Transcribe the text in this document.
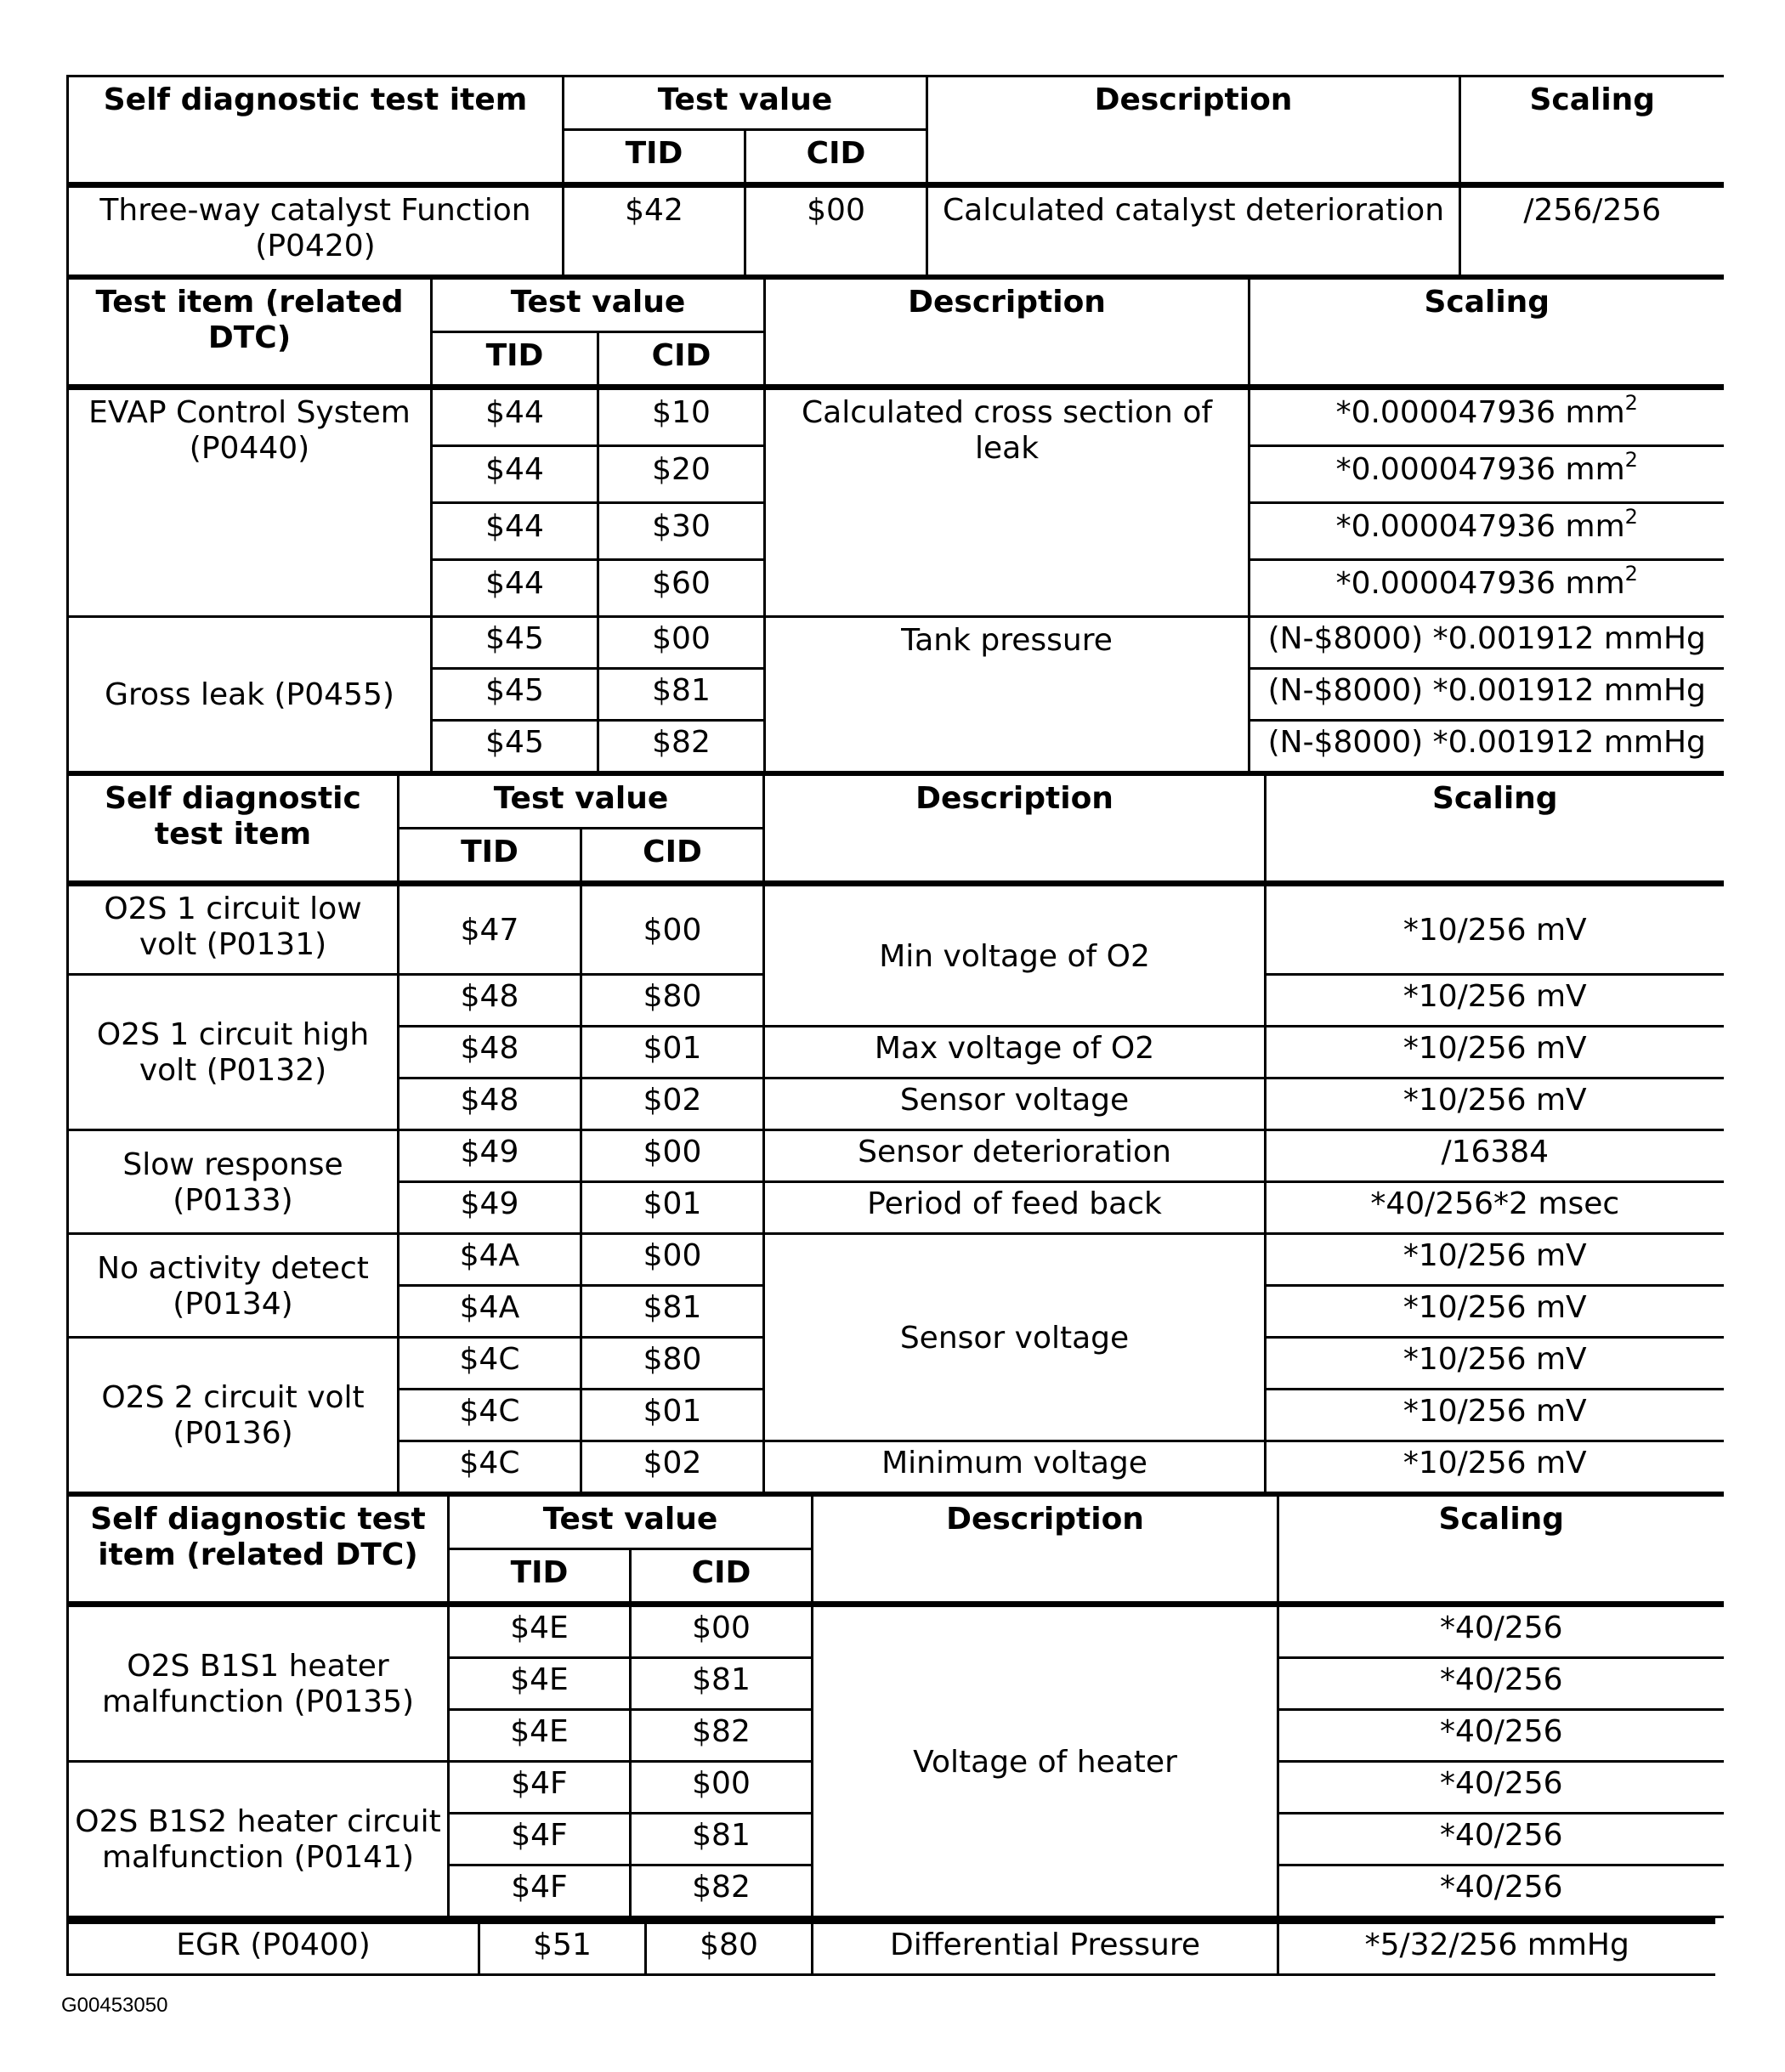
Self diagnostic test item	Test value		Description	Scaling
	TID	CID		
Three-way catalyst Function (P0420)	$42	$00	Calculated catalyst deterioration	/256/256
Test item (related DTC)	Test value		Description	Scaling
	TID	CID		
EVAP Control System (P0440)	$44	$10	Calculated cross section of leak	*0.000047936 $mm^2$
	$44	$20		*0.000047936 $mm^2$
	$44	$30		*0.000047936 $mm^2$
	$44	$60		*0.000047936 $mm^2$
Gross leak (P0455)	$45	$00	Tank pressure	(N-$8000) *0.001912 mmHg
	$45	$81		(N-$8000) *0.001912 mmHg
	$45	$82		(N-$8000) *0.001912 mmHg
Self diagnostic test item	Test value		Description	Scaling
	TID	CID		
O2S 1 circuit low volt (P0131)	$47	$00	Min voltage of O2	*10/256 mV
O2S 1 circuit high volt (P0132)	$48	$80		*10/256 mV
	$48	$01	Max voltage of O2	*10/256 mV
	$48	$02	Sensor voltage	*10/256 mV
Slow response (P0133)	$49	$00	Sensor deterioration	/16384
	$49	$01	Period of feed back	*40/256*2 msec
No activity detect (P0134)	$4A	$00	Sensor voltage	*10/256 mV
	$4A	$81		*10/256 mV
O2S 2 circuit volt (P0136)	$4C	$80		*10/256 mV
	$4C	$01		*10/256 mV
	$4C	$02	Minimum voltage	*10/256 mV
Self diagnostic test item (related DTC)	Test value		Description	Scaling
	TID	CID		
O2S B1S1 heater malfunction (P0135)	$4E	$00	Voltage of heater	*40/256
	$4E	$81		*40/256
	$4E	$82		*40/256
O2S B1S2 heater circuit malfunction (P0141)	$4F	$00		*40/256
	$4F	$81		*40/256
	$4F	$82		*40/256
EGR (P0400)	$51	$80	Differential Pressure	*5/32/256 mmHg
G00453050
